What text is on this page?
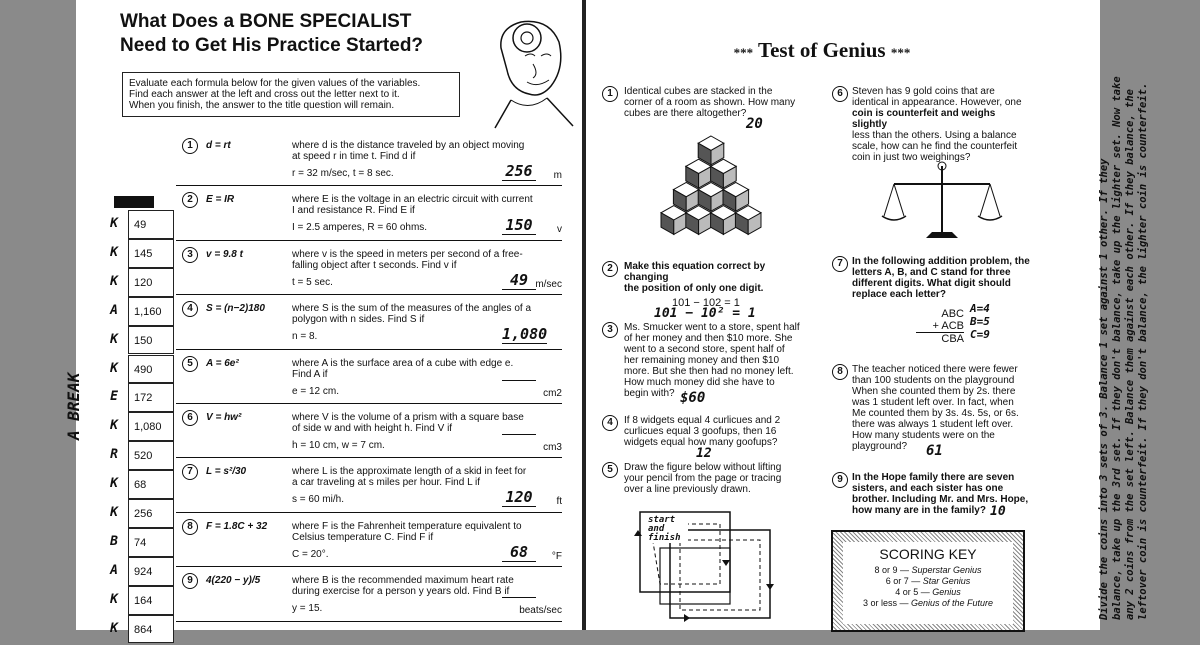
What Does a BONE SPECIALIST
Need to Get His Practice Started?
Evaluate each formula below for the given values of the variables.
Find each answer at the left and cross out the letter next to it.
When you finish, the answer to the title question will remain.
A BREAK
K	49
K	145
K	120
A	1,160
K	150
K	490
E	172
K	1,080
R	520
K	68
K	256
B	74
A	924
K	164
K	864
1	d = rt	where d is the distance traveled by an object moving
at speed r in time t. Find d if
r = 32 m/sec, t = 8 sec.	256	m
2	E = IR	where E is the voltage in an electric circuit with current
I and resistance R. Find E if
I = 2.5 amperes, R = 60 ohms.	150	v
3	v = 9.8 t	where v is the speed in meters per second of a free-
falling object after t seconds. Find v if
t = 5 sec.	49 m/sec
4	S = (n−2)180	where S is the sum of the measures of the angles of a
polygon with n sides. Find S if
n = 8.	1,080
5	A = 6e²	where A is the surface area of a cube with edge e.
Find A if
e = 12 cm.	cm2
6	V = hw²	where V is the volume of a prism with a square base
of side w and with height h. Find V if
h = 10 cm, w = 7 cm.	cm3
7	L = s²/30	where L is the approximate length of a skid in feet for
a car traveling at s miles per hour. Find L if
s = 60 mi/h.	120	ft
8	F = 1.8C + 32 where F is the Fahrenheit temperature equivalent to
Celsius temperature C. Find F if
C = 20°.	68	°F
9	4(220 − y)/5	where B is the recommended maximum heart rate
during exercise for a person y years old. Find B if
y = 15.	beats/sec
*** Test of Genius ***
1	Identical cubes are stacked in the
corner of a room as shown. How many
cubes are there altogether?
20
2	Make this equation correct by changing
the position of only one digit.
101 − 102 = 1
101 − 10² = 1
3	Ms. Smucker went to a store, spent half
of her money and then $10 more. She
went to a second store, spent half of
her remaining money and then $10
more. But she then had no money left.
How much money did she have to
begin with? $60
4	If 8 widgets equal 4 curlicues and 2
curlicues equal 3 goofups, then 16
widgets equal how many goofups?
12
5	Draw the figure below without lifting
your pencil from the page or tracing
over a line previously drawn.
start and finish
6 Steven has 9 gold coins that are
identical in appearance. However, one
coin is counterfeit and weighs slightly
less than the others. Using a balance
scale, how can he find the counterfeit
coin in just two weighings?
7 In the following addition problem, the
letters A, B, and C stand for three
different digits. What digit should
replace each letter?
ABC
+ ACB
CBA
A=4
B=5
C=9
8 The teacher noticed there were fewer
than 100 students on the playground
When she counted them by 2s. there
was 1 student left over. In fact, when
Me counted them by 3s. 4s. 5s, or 6s.
there was always 1 student left over.
How many students were on the
playground?	61
9 In the Hope family there are seven
sisters, and each sister has one
brother. Including Mr. and Mrs. Hope,
how many are in the family? 10
SCORING KEY
8 or 9 — Superstar Genius
6 or 7 — Star Genius
4 or 5 — Genius
3 or less — Genius of the Future	Divide the coins into 3 sets of 3. Balance 1 set against 1 other. If they balance, take up the 3rd set. If they don't balance, take up the lighter set. Now take any 2 coins from the set left. Balance them against each other. If they balance, the leftover coin is counterfeit. If they don't balance, the lighter coin is counterfeit.
